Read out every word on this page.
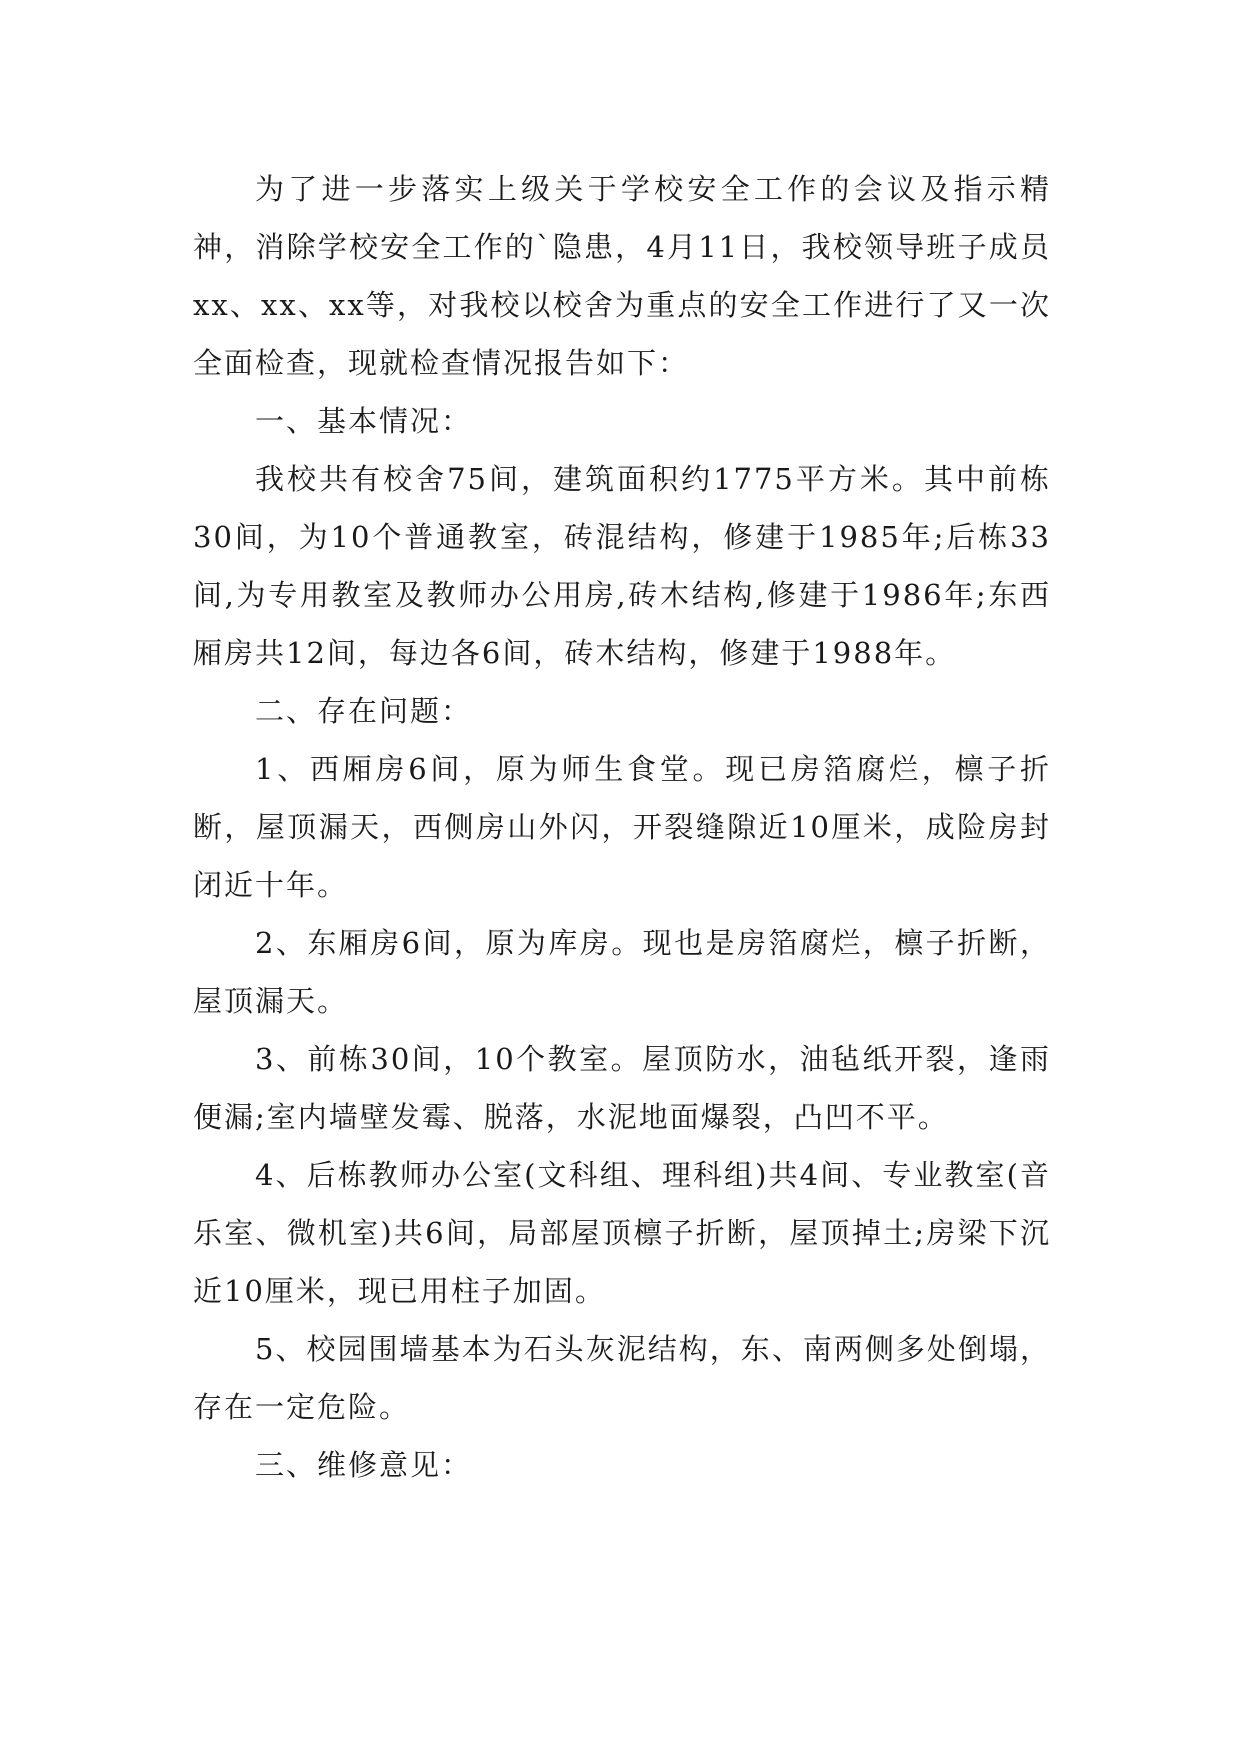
为了进一步落实上级关于学校安全工作的会议及指示精神，消除学校安全工作的`隐患，4月11日，我校领导班子成员xx、xx、xx等，对我校以校舍为重点的安全工作进行了又一次全面检查，现就检查情况报告如下：

一、基本情况：

我校共有校舍75间，建筑面积约1775平方米。其中前栋30间，为10个普通教室，砖混结构，修建于1985年;后栋33间,为专用教室及教师办公用房,砖木结构,修建于1986年;东西厢房共12间，每边各6间，砖木结构，修建于1988年。

二、存在问题：

1、西厢房6间，原为师生食堂。现已房箔腐烂，檩子折断，屋顶漏天，西侧房山外闪，开裂缝隙近10厘米，成险房封闭近十年。

2、东厢房6间，原为库房。现也是房箔腐烂，檩子折断，屋顶漏天。

3、前栋30间，10个教室。屋顶防水，油毡纸开裂，逢雨便漏;室内墙壁发霉、脱落，水泥地面爆裂，凸凹不平。

4、后栋教师办公室(文科组、理科组)共4间、专业教室(音乐室、微机室)共6间，局部屋顶檩子折断，屋顶掉土;房梁下沉近10厘米，现已用柱子加固。

5、校园围墙基本为石头灰泥结构，东、南两侧多处倒塌，存在一定危险。

三、维修意见：
